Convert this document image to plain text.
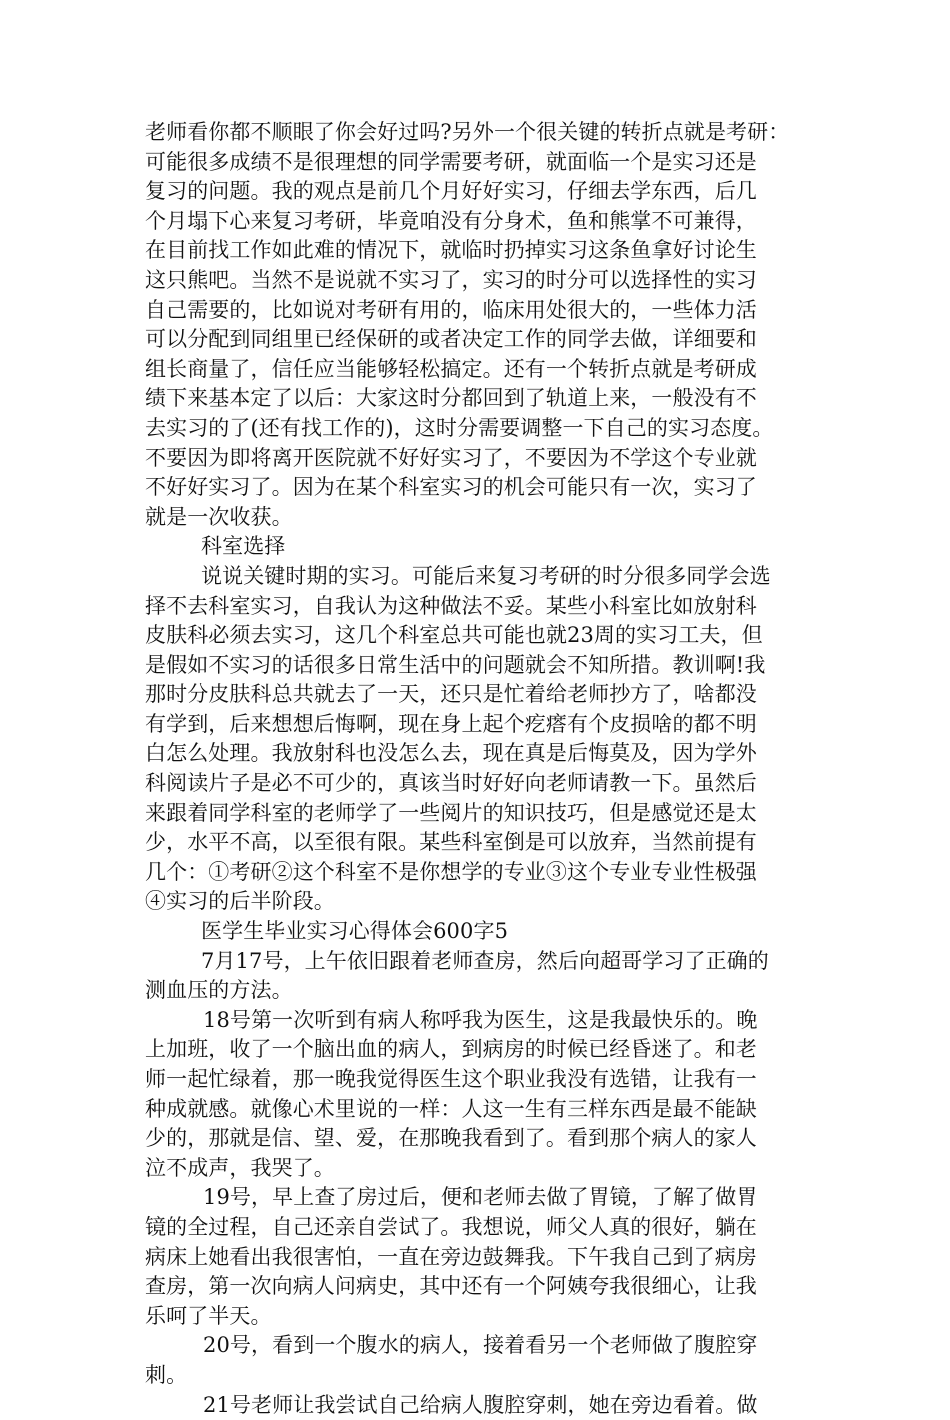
老师看你都不顺眼了你会好过吗?另外一个很关键的转折点就是考研：
可能很多成绩不是很理想的同学需要考研，就面临一个是实习还是
复习的问题。我的观点是前几个月好好实习，仔细去学东西，后几
个月塌下心来复习考研，毕竟咱没有分身术，鱼和熊掌不可兼得，
在目前找工作如此难的情况下，就临时扔掉实习这条鱼拿好讨论生
这只熊吧。当然不是说就不实习了，实习的时分可以选择性的实习
自己需要的，比如说对考研有用的，临床用处很大的，一些体力活
可以分配到同组里已经保研的或者决定工作的同学去做，详细要和
组长商量了，信任应当能够轻松搞定。还有一个转折点就是考研成
绩下来基本定了以后：大家这时分都回到了轨道上来，一般没有不
去实习的了(还有找工作的)，这时分需要调整一下自己的实习态度。
不要因为即将离开医院就不好好实习了，不要因为不学这个专业就
不好好实习了。因为在某个科室实习的机会可能只有一次，实习了
就是一次收获。
科室选择
说说关键时期的实习。可能后来复习考研的时分很多同学会选
择不去科室实习，自我认为这种做法不妥。某些小科室比如放射科
皮肤科必须去实习，这几个科室总共可能也就23周的实习工夫，但
是假如不实习的话很多日常生活中的问题就会不知所措。教训啊!我
那时分皮肤科总共就去了一天，还只是忙着给老师抄方了，啥都没
有学到，后来想想后悔啊，现在身上起个疙瘩有个皮损啥的都不明
白怎么处理。我放射科也没怎么去，现在真是后悔莫及，因为学外
科阅读片子是必不可少的，真该当时好好向老师请教一下。虽然后
来跟着同学科室的老师学了一些阅片的知识技巧，但是感觉还是太
少，水平不高，以至很有限。某些科室倒是可以放弃，当然前提有
几个：①考研②这个科室不是你想学的专业③这个专业专业性极强
④实习的后半阶段。
医学生毕业实习心得体会600字5
7月17号，上午依旧跟着老师查房，然后向超哥学习了正确的
测血压的方法。
18号第一次听到有病人称呼我为医生，这是我最快乐的。晚
上加班，收了一个脑出血的病人，到病房的时候已经昏迷了。和老
师一起忙绿着，那一晚我觉得医生这个职业我没有选错，让我有一
种成就感。就像心术里说的一样：人这一生有三样东西是最不能缺
少的，那就是信、望、爱，在那晚我看到了。看到那个病人的家人
泣不成声，我哭了。
19号，早上查了房过后，便和老师去做了胃镜，了解了做胃
镜的全过程，自己还亲自尝试了。我想说，师父人真的很好，躺在
病床上她看出我很害怕，一直在旁边鼓舞我。下午我自己到了病房
查房，第一次向病人问病史，其中还有一个阿姨夸我很细心，让我
乐呵了半天。
20号，看到一个腹水的病人，接着看另一个老师做了腹腔穿
刺。
21号老师让我尝试自己给病人腹腔穿刺，她在旁边看着。做
